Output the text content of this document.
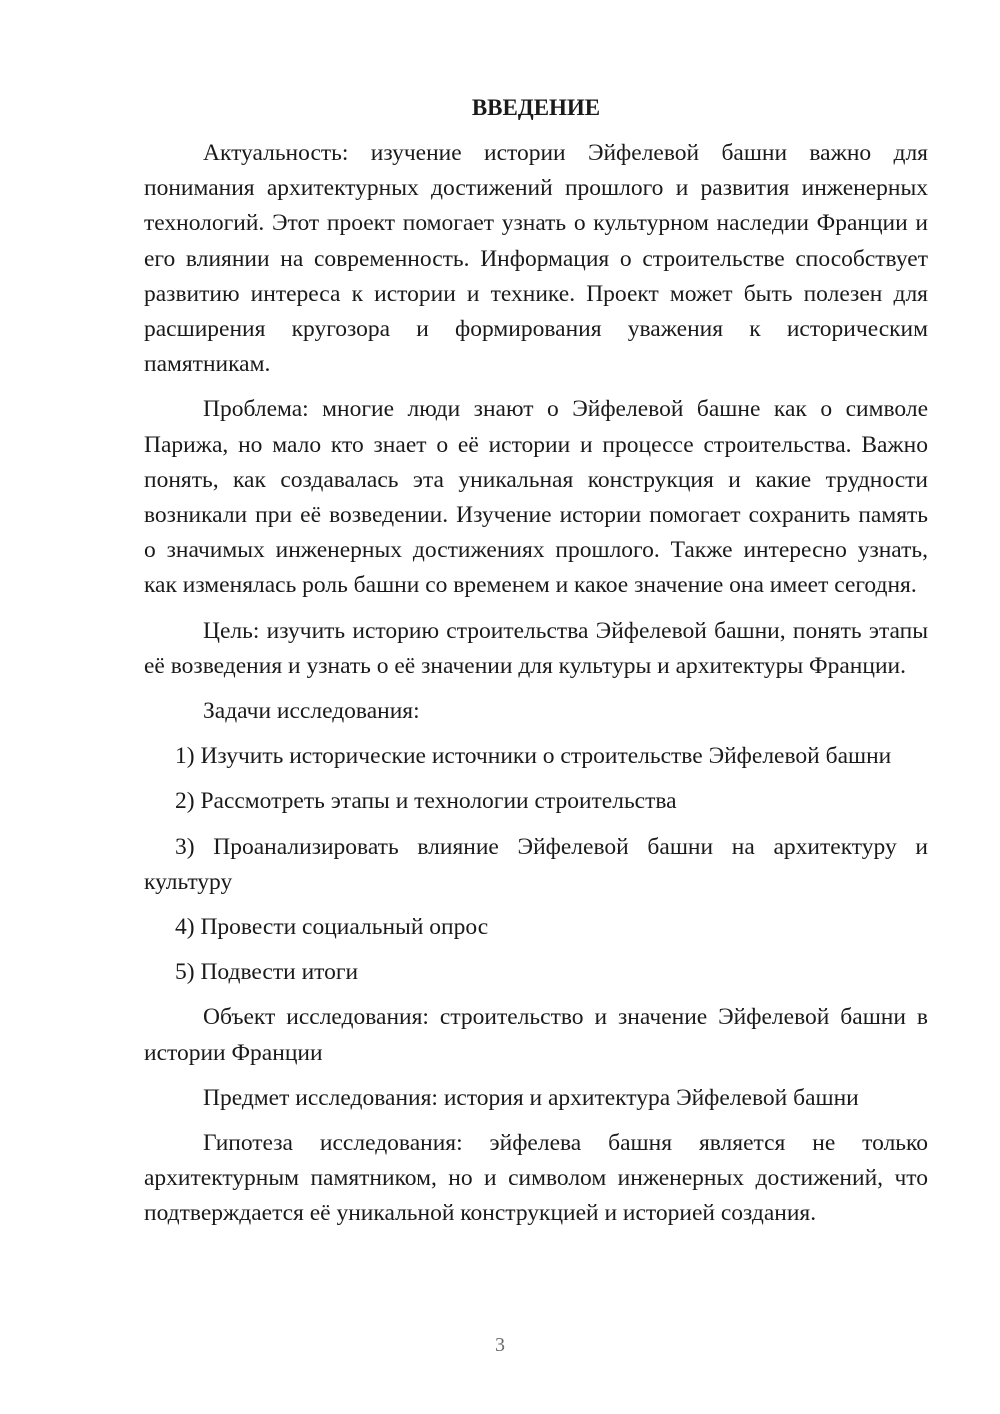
ВВЕДЕНИЕ

Актуальность: изучение истории Эйфелевой башни важно для понимания архитектурных достижений прошлого и развития инженерных технологий. Этот проект помогает узнать о культурном наследии Франции и его влиянии на современность. Информация о строительстве способствует развитию интереса к истории и технике. Проект может быть полезен для расширения кругозора и формирования уважения к историческим памятникам.

Проблема: многие люди знают о Эйфелевой башне как о символе Парижа, но мало кто знает о её истории и процессе строительства. Важно понять, как создавалась эта уникальная конструкция и какие трудности возникали при её возведении. Изучение истории помогает сохранить память о значимых инженерных достижениях прошлого. Также интересно узнать, как изменялась роль башни со временем и какое значение она имеет сегодня.

Цель: изучить историю строительства Эйфелевой башни, понять этапы её возведения и узнать о её значении для культуры и архитектуры Франции.

Задачи исследования:

1) Изучить исторические источники о строительстве Эйфелевой башни

2) Рассмотреть этапы и технологии строительства

3) Проанализировать влияние Эйфелевой башни на архитектуру и культуру

4) Провести социальный опрос

5) Подвести итоги

Объект исследования: строительство и значение Эйфелевой башни в истории Франции

Предмет исследования: история и архитектура Эйфелевой башни

Гипотеза исследования: эйфелева башня является не только архитектурным памятником, но и символом инженерных достижений, что подтверждается её уникальной конструкцией и историей создания.

3
